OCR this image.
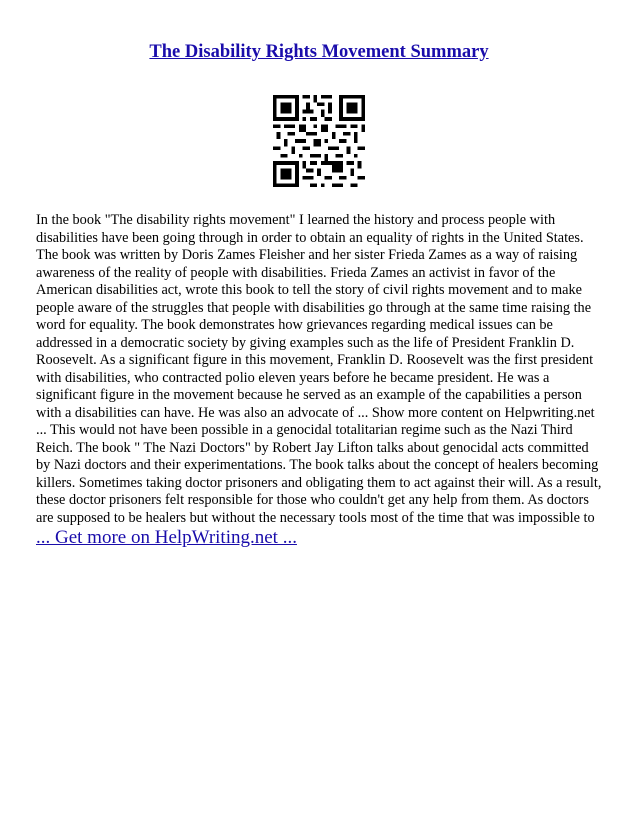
The Disability Rights Movement Summary

In the book "The disability rights movement" I learned the history and process people with disabilities have been going through in order to obtain an equality of rights in the United States. The book was written by Doris Zames Fleisher and her sister Frieda Zames as a way of raising awareness of the reality of people with disabilities. Frieda Zames an activist in favor of the American disabilities act, wrote this book to tell the story of civil rights movement and to make people aware of the struggles that people with disabilities go through at the same time raising the word for equality. The book demonstrates how grievances regarding medical issues can be addressed in a democratic society by giving examples such as the life of President Franklin D. Roosevelt. As a significant figure in this movement, Franklin D. Roosevelt was the first president with disabilities, who contracted polio eleven years before he became president. He was a significant figure in the movement because he served as an example of the capabilities a person with a disabilities can have. He was also an advocate of ... Show more content on Helpwriting.net ... This would not have been possible in a genocidal totalitarian regime such as the Nazi Third Reich. The book " The Nazi Doctors" by Robert Jay Lifton talks about genocidal acts committed by Nazi doctors and their experimentations. The book talks about the concept of healers becoming killers. Sometimes taking doctor prisoners and obligating them to act against their will. As a result, these doctor prisoners felt responsible for those who couldn't get any help from them. As doctors are supposed to be healers but without the necessary tools most of the time that was impossible to

... Get more on HelpWriting.net ...
